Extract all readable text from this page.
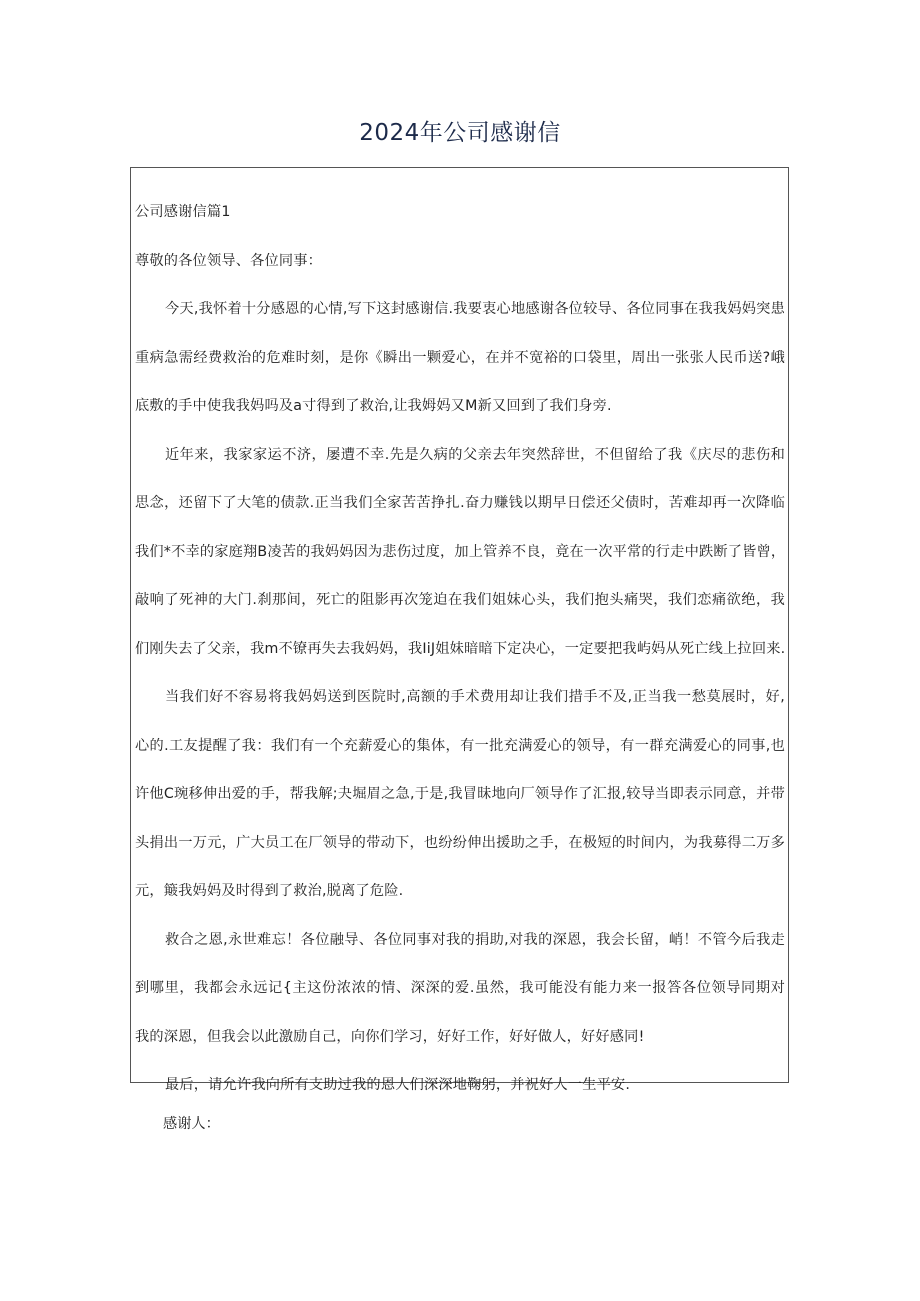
2024年公司感谢信

公司感谢信篇1

尊敬的各位领导、各位同事：

今天,我怀着十分感恩的心情,写下这封感谢信.我要衷心地感谢各位较导、各位同事在我我妈妈突患

重病急需经费救治的危难时刻，是你《瞬出一颗爱心，在并不宽裕的口袋里，周出一张张人民币送?峨

底敷的手中使我我妈吗及a寸得到了救治,让我姆妈又M新又回到了我们身旁.

近年来，我家家运不济，屡遭不幸.先是久病的父亲去年突然辞世，不但留给了我《庆尽的悲伤和

思念，还留下了大笔的债款.正当我们全家苦苦挣扎.奋力赚钱以期早日偿还父债时，苦难却再一次降临

我们*不幸的家庭翔B凌苦的我妈妈因为悲伤过度，加上管养不良，竟在一次平常的行走中跌断了皆曾，

敲响了死神的大门.刹那间，死亡的阻影再次笼迫在我们姐妹心头，我们抱头痛哭，我们恋痛欲绝，我

们刚失去了父亲，我m不镣再失去我妈妈，我IiJ姐妹暗暗下定决心，一定要把我屿妈从死亡线上拉回来.

当我们好不容易将我妈妈送到医院时,高额的手术费用却让我们措手不及,正当我一愁莫展时，好,

心的.工友提醒了我：我们有一个充薪爱心的集体，有一批充满爱心的领导，有一群充满爱心的同事,也

许他C琬移伸出爱的手，帮我解;夬堀眉之急,于是,我冒昧地向厂领导作了汇报,较导当即表示同意，并带

头捐出一万元，广大员工在厂领导的带动下，也纷纷伸出援助之手，在极短的时间内，为我募得二万多

元，簸我妈妈及时得到了救治,脱离了危险.

救合之恩,永世难忘！各位融导、各位同事对我的捐助,对我的深恩，我会长留，峭！不管今后我走

到哪里，我都会永远记{主这份浓浓的情、深深的爱.虽然，我可能没有能力来一报答各位领导同期对

我的深恩，但我会以此激励自己，向你们学习，好好工作，好好做人，好好感同!

最后，请允许我向所有支助过我的恩人们深深地鞠躬，并祝好人一生平安.

感谢人：
